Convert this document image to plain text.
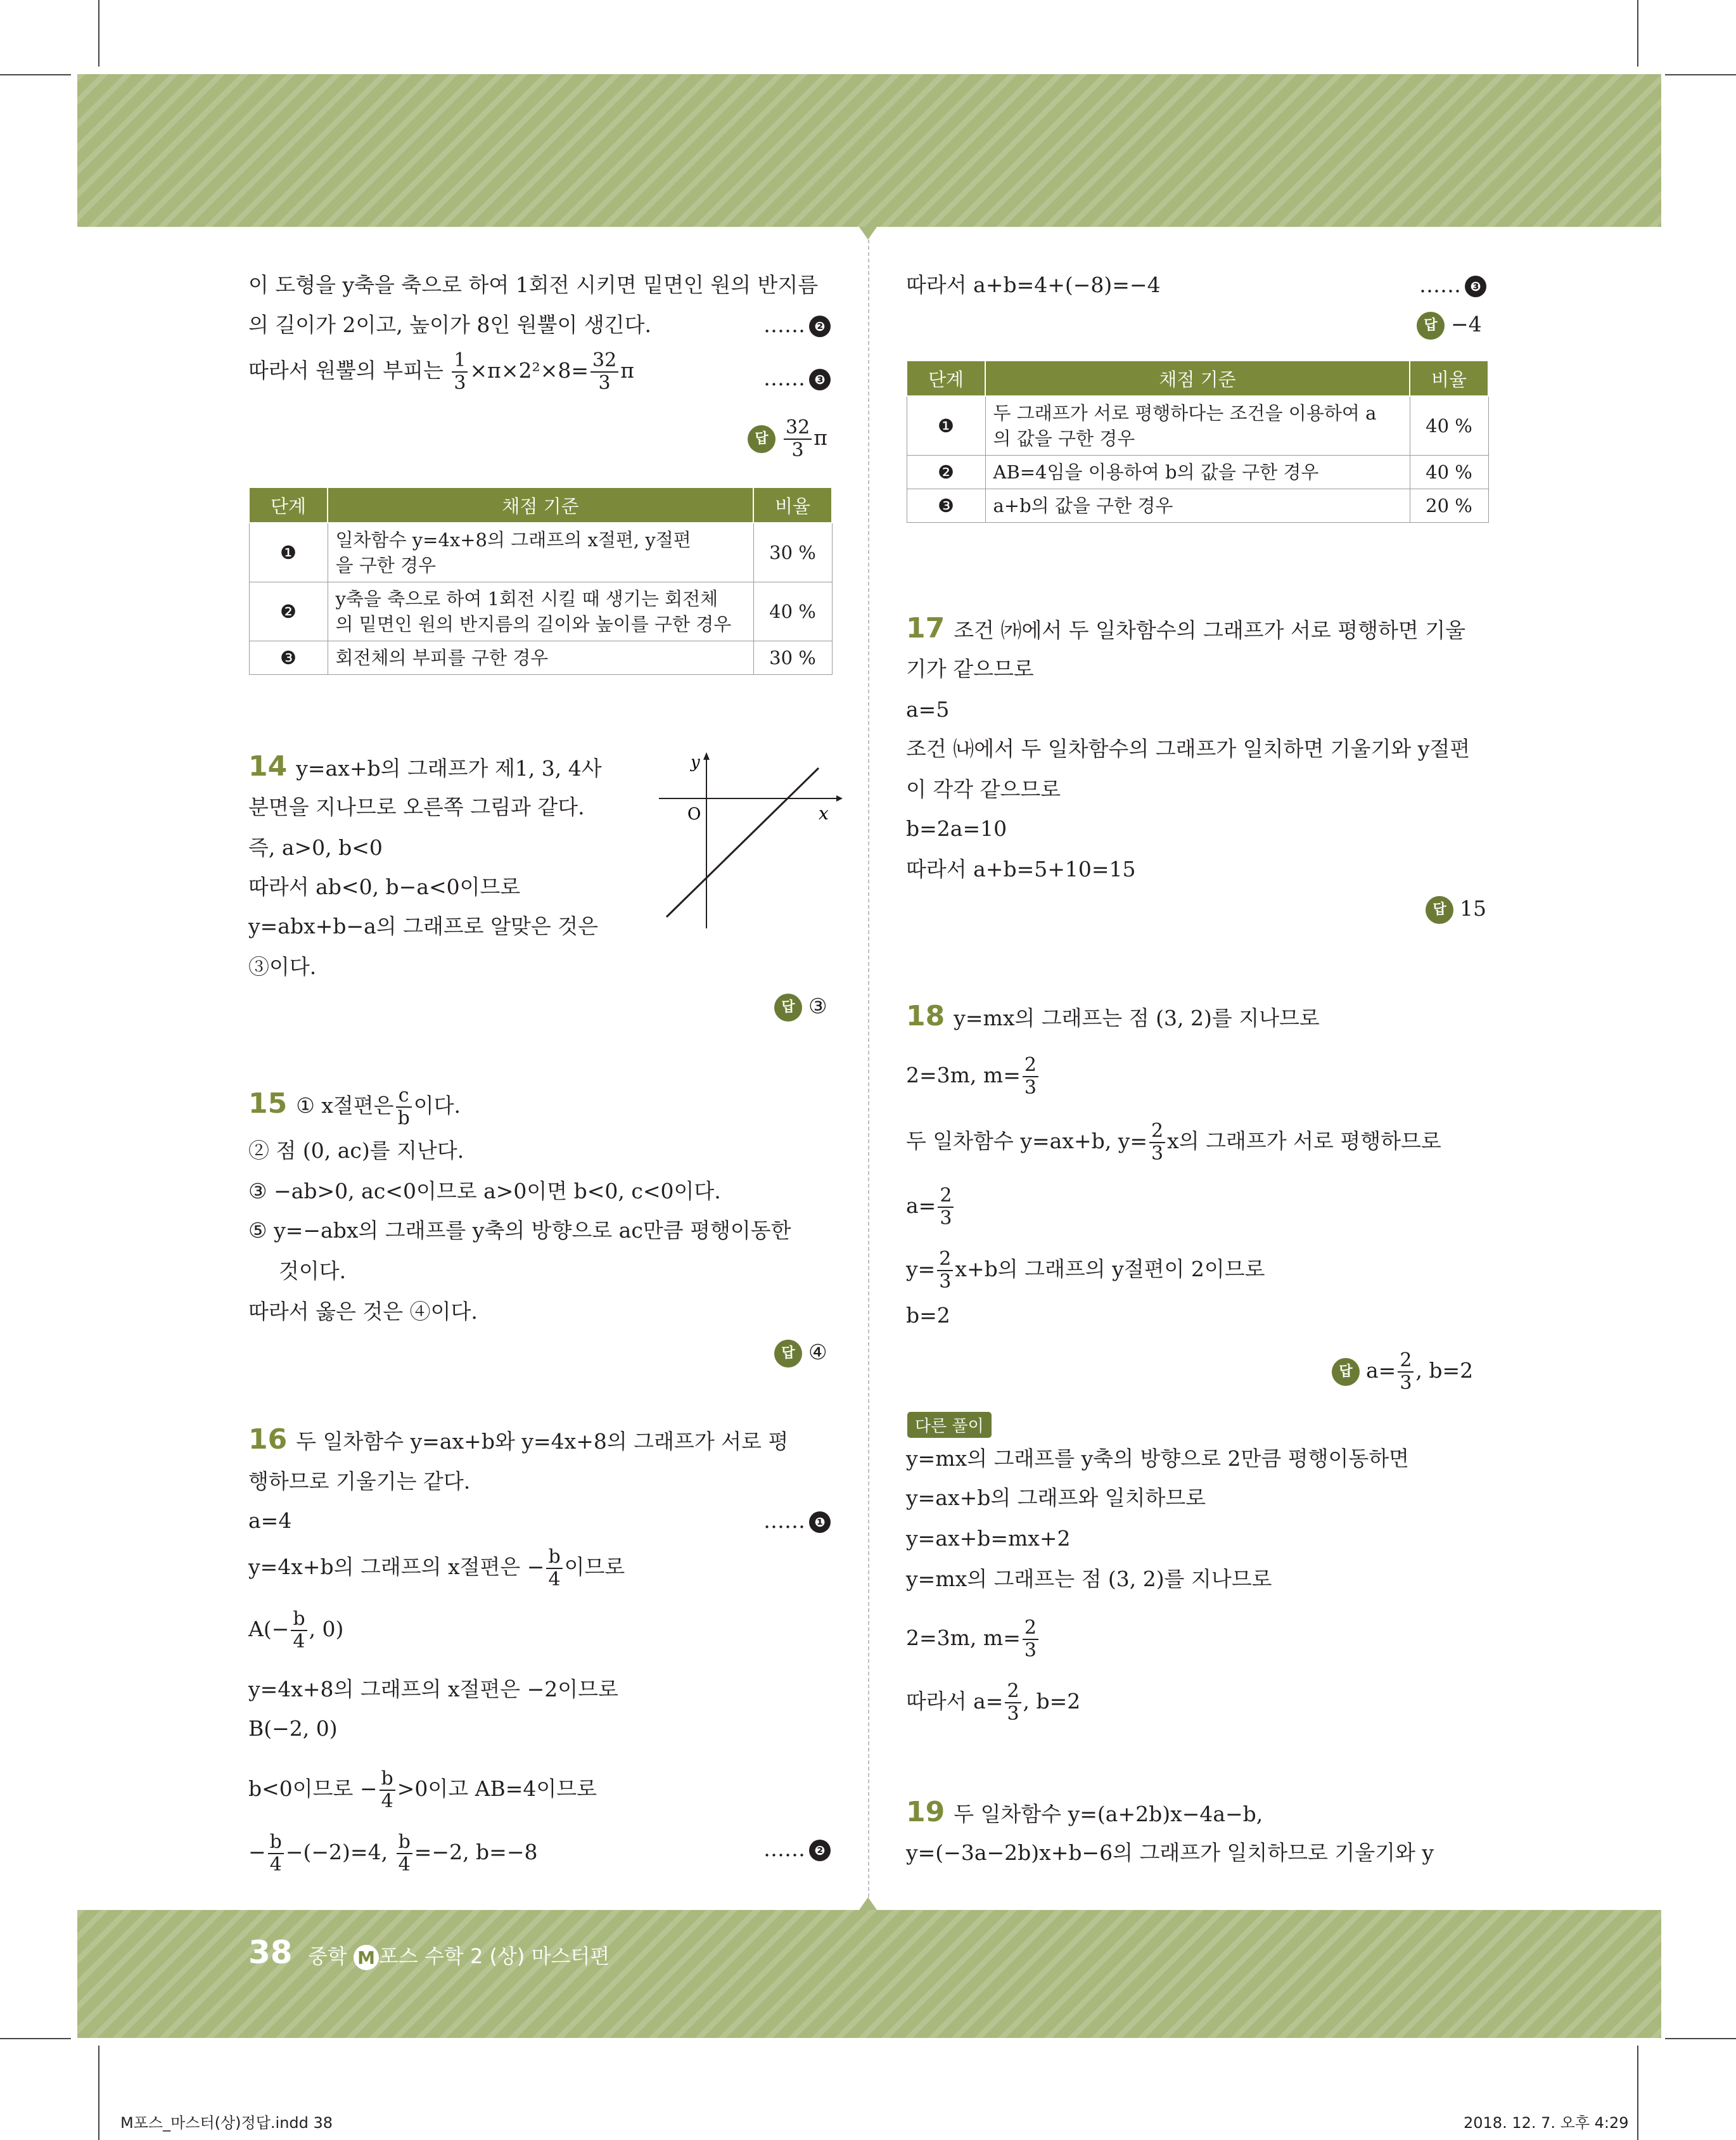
이 도형을 y축을 축으로 하여 1회전 시키면 밑면인 원의 반지름
의 길이가 2이고, 높이가 8인 원뿔이 생긴다.	…… ❷
따라서 원뿔의 부피는 $\frac{1}{3} \times\pi\times 2^2\times 8= \frac{32}{3}$ π	…… ❸
답 $\frac{32}{3}$ π
단계	채점 기준	비율
❶	일차함수 y=4x+8의 그래프의 x절편, y절편
을 구한 경우	30 %
❷	y축을 축으로 하여 1회전 시킬 때 생기는 회전체
의 밑면인 원의 반지름의 길이와 높이를 구한 경우	40 %
❸	회전체의 부피를 구한 경우	30 %
14 y=ax+b의 그래프가 제1, 3, 4사
분면을 지나므로 오른쪽 그림과 같다.
즉, a>0, b<0
따라서 ab<0, b−a<0이므로
y=abx+b−a의 그래프로 알맞은 것은
③이다.
y
x
O
답 ③
15 ① x절편은 $\frac{c}{b}$ 이다.
② 점 (0, ac)를 지난다.
③ −ab>0, ac<0이므로 a>0이면 b<0, c<0이다.
⑤ y=−abx의 그래프를 y축의 방향으로 ac만큼 평행이동한
것이다.
따라서 옳은 것은 ④이다.
답 ④
16 두 일차함수 y=ax+b와 y=4x+8의 그래프가 서로 평
행하므로 기울기는 같다.
a=4	…… ❶
y=4x+b의 그래프의 x절편은 − $\frac{b}{4}$ 이므로
$A(- \frac{b}{4}$ , 0)
y=4x+8의 그래프의 x절편은 −2이므로
B(−2, 0)
b<0이므로 − $\frac{b}{4} >0$이고 AB=4이므로
− $\frac{b}{4} -(-2)=4$, $\frac{b}{4} =-2$, b=−8	…… ❷
따라서 a+b=4+(−8)=−4	…… ❸
답 −4
단계	채점 기준	비율
❶	두 그래프가 서로 평행하다는 조건을 이용하여 a
의 값을 구한 경우	40 %
❷	AB=4임을 이용하여 b의 값을 구한 경우	40 %
❸	a+b의 값을 구한 경우	20 %
17 조건 ㈎에서 두 일차함수의 그래프가 서로 평행하면 기울
기가 같으므로
a=5
조건 ㈏에서 두 일차함수의 그래프가 일치하면 기울기와 y절편
이 각각 같으므로
b=2a=10
따라서 a+b=5+10=15
답 15
18 y=mx의 그래프는 점 (3, 2)를 지나므로
2=3m, $m= \frac{2}{3}$
두 일차함수 y=ax+b, $y= \frac{2}{3}$ x의 그래프가 서로 평행하므로
$a= \frac{2}{3}$
$y= \frac{2}{3} x+b$의 그래프의 y절편이 2이므로
b=2
답 $a= \frac{2}{3}$ , b=2
다른 풀이
y=mx의 그래프를 y축의 방향으로 2만큼 평행이동하면
y=ax+b의 그래프와 일치하므로
y=ax+b=mx+2
y=mx의 그래프는 점 (3, 2)를 지나므로
2=3m, $m= \frac{2}{3}$
따라서 $a= \frac{2}{3}$ , b=2
19 두 일차함수 y=(a+2b)x−4a−b,
y=(−3a−2b)x+b−6의 그래프가 일치하므로 기울기와 y
38 중학 M 포스 수학 2 (상) 마스터편
M포스_마스터(상)정답.indd 38	2018. 12. 7. 오후 4:29
